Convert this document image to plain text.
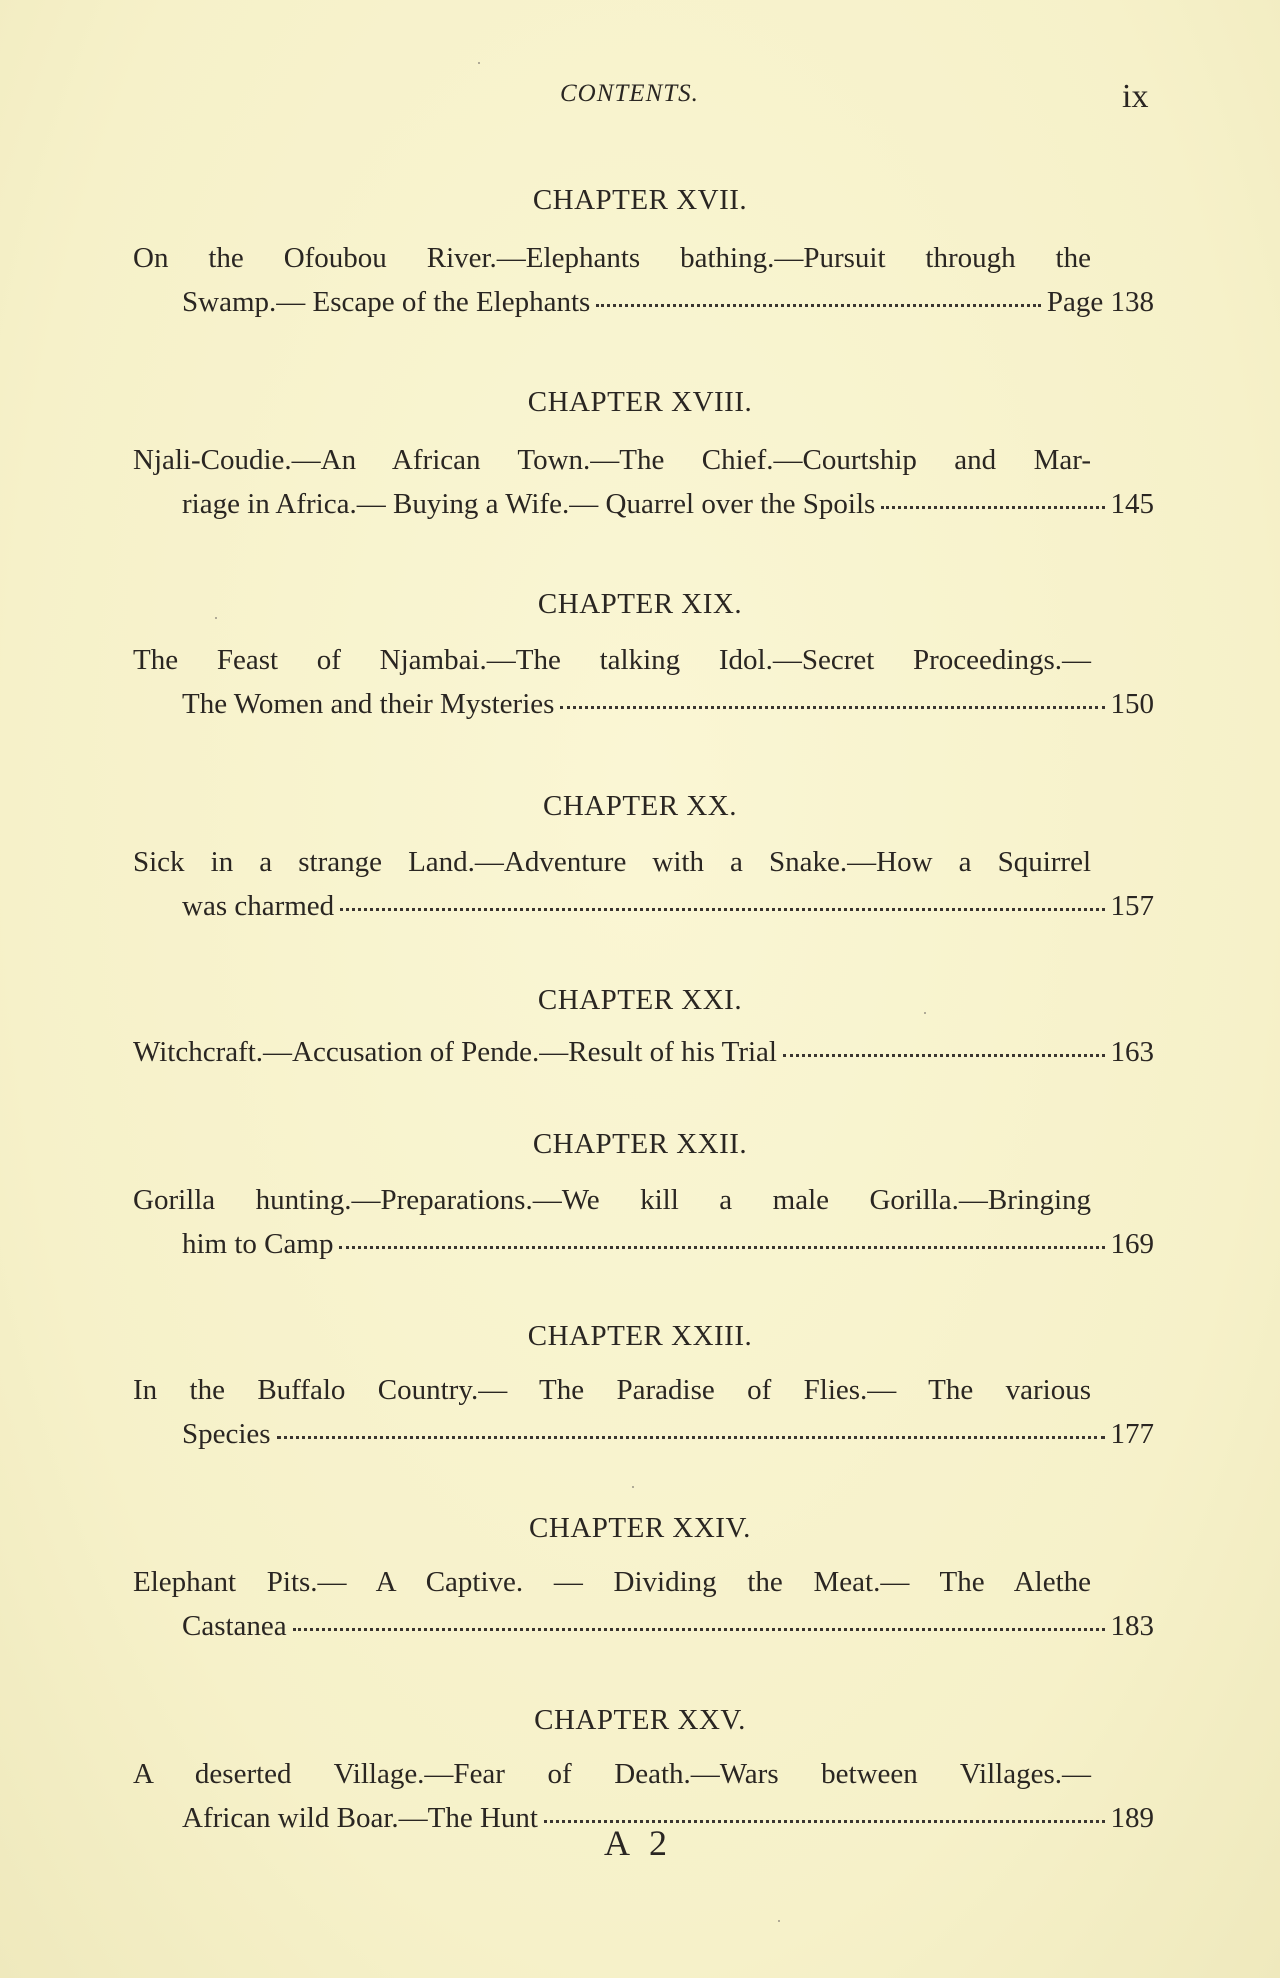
CONTENTS.	ix
CHAPTER XVII.
On the Ofoubou River.—Elephants bathing.—Pursuit through the
Swamp.— Escape of the Elephants	Page 138
CHAPTER XVIII.
Njali-Coudie.—An African Town.—The Chief.—Courtship and Mar-
riage in Africa.— Buying a Wife.— Quarrel over the Spoils	145
CHAPTER XIX.
The Feast of Njambai.—The talking Idol.—Secret Proceedings.—
The Women and their Mysteries	150
CHAPTER XX.
Sick in a strange Land.—Adventure with a Snake.—How a Squirrel
was charmed	157
CHAPTER XXI.
Witchcraft.—Accusation of Pende.—Result of his Trial	163
CHAPTER XXII.
Gorilla hunting.—Preparations.—We kill a male Gorilla.—Bringing
him to Camp	169
CHAPTER XXIII.
In the Buffalo Country.— The Paradise of Flies.— The various
Species	177
CHAPTER XXIV.
Elephant Pits.— A Captive. — Dividing the Meat.— The Alethe
Castanea	183
CHAPTER XXV.
A deserted Village.—Fear of Death.—Wars between Villages.—
African wild Boar.—The Hunt	189
A 2
